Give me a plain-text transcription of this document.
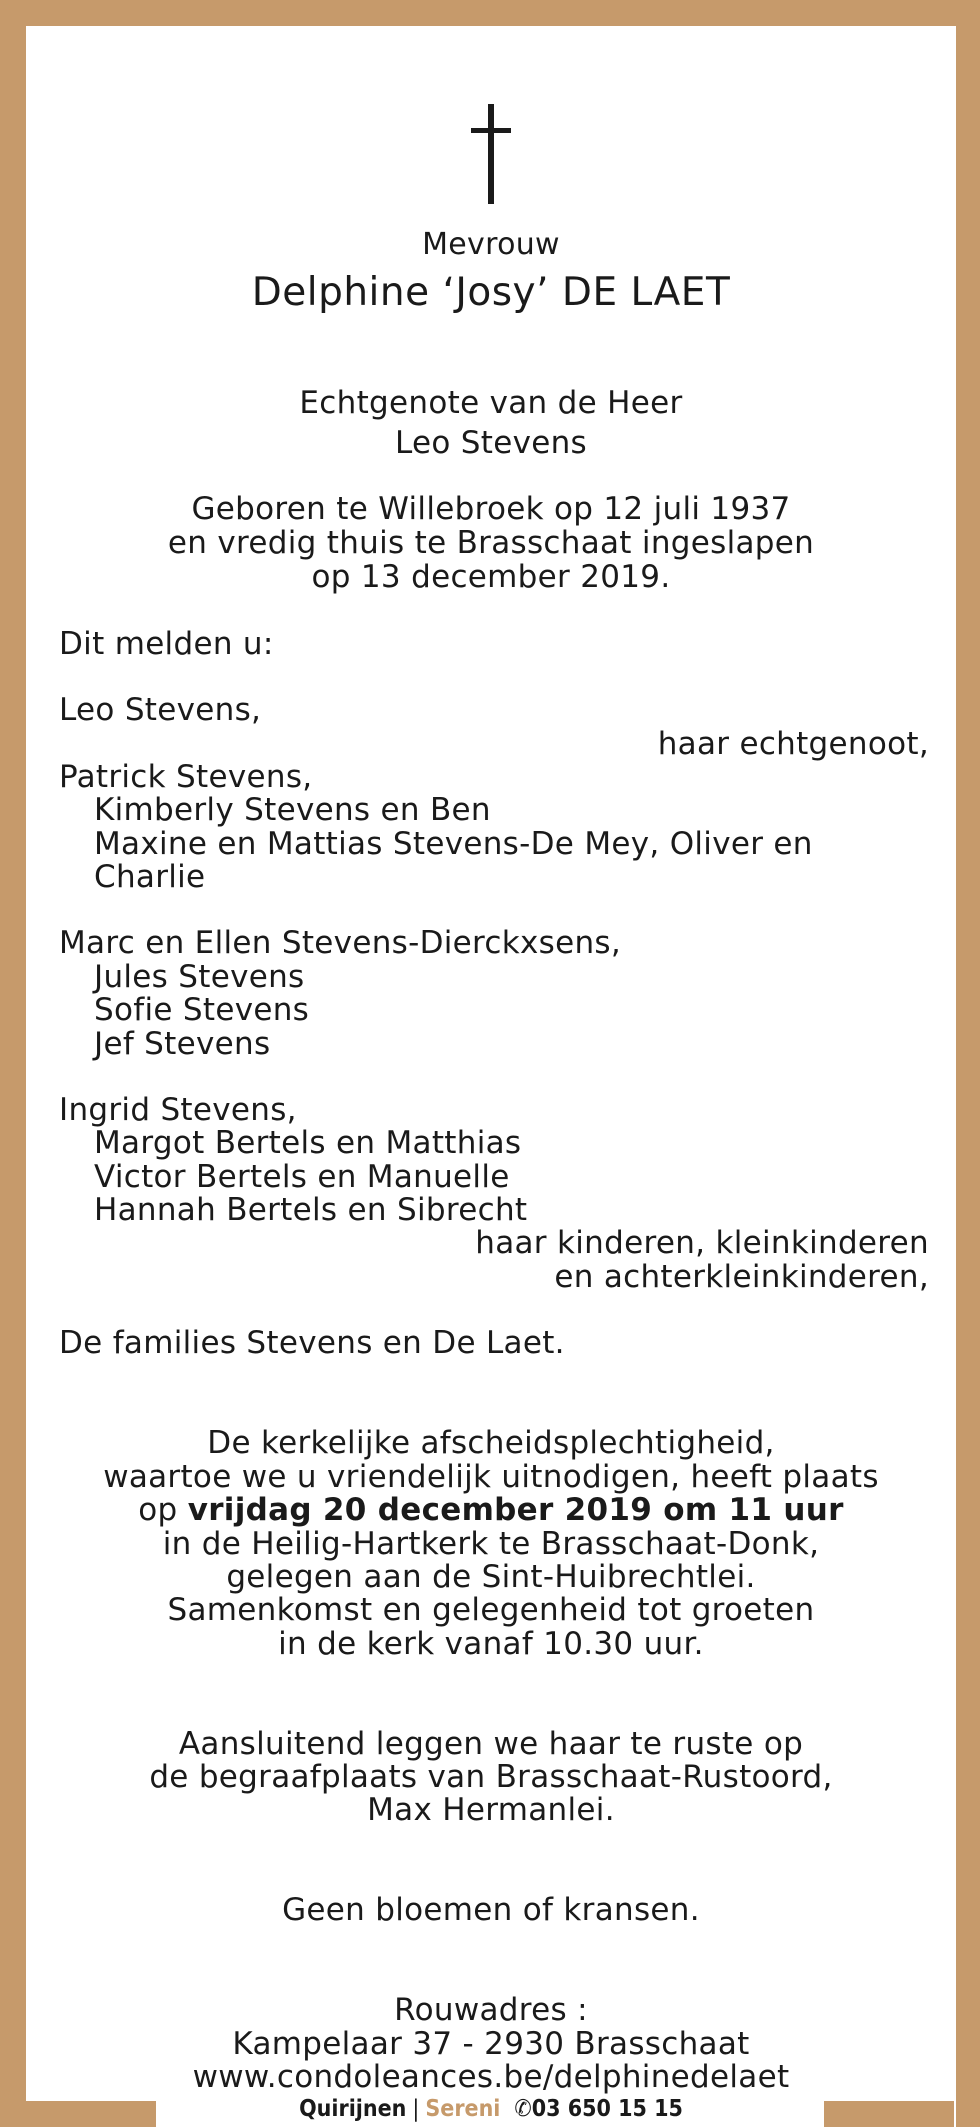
Mevrouw
Delphine ‘Josy’ DE LAET
Echtgenote van de Heer
Leo Stevens
Geboren te Willebroek op 12 juli 1937
en vredig thuis te Brasschaat ingeslapen
op 13 december 2019.
Dit melden u:
Leo Stevens,
haar echtgenoot,
Patrick Stevens,
Kimberly Stevens en Ben
Maxine en Mattias Stevens-De Mey, Oliver en
Charlie
Marc en Ellen Stevens-Dierckxsens,
Jules Stevens
Sofie Stevens
Jef Stevens
Ingrid Stevens,
Margot Bertels en Matthias
Victor Bertels en Manuelle
Hannah Bertels en Sibrecht
haar kinderen, kleinkinderen
en achterkleinkinderen,
De families Stevens en De Laet.
De kerkelijke afscheidsplechtigheid,
waartoe we u vriendelijk uitnodigen, heeft plaats
op vrijdag 20 december 2019 om 11 uur
in de Heilig-Hartkerk te Brasschaat-Donk,
gelegen aan de Sint-Huibrechtlei.
Samenkomst en gelegenheid tot groeten
in de kerk vanaf 10.30 uur.
Aansluitend leggen we haar te ruste op
de begraafplaats van Brasschaat-Rustoord,
Max Hermanlei.
Geen bloemen of kransen.
Rouwadres :
Kampelaar 37 - 2930 Brasschaat
www.condoleances.be/delphinedelaet
Quirijnen | Sereni ✆03 650 15 15
